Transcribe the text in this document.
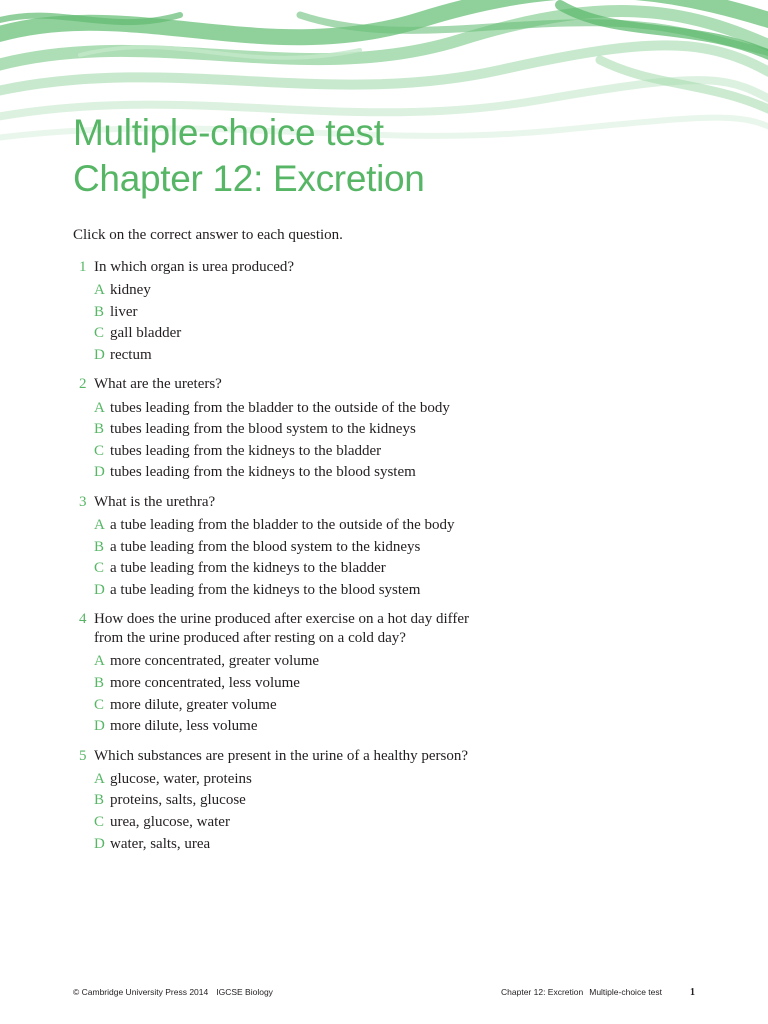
Multiple-choice test
Chapter 12: Excretion

Click on the correct answer to each question.

1 In which organ is urea produced?
A kidney
B liver
C gall bladder
D rectum
2 What are the ureters?
A tubes leading from the bladder to the outside of the body
B tubes leading from the blood system to the kidneys
C tubes leading from the kidneys to the bladder
D tubes leading from the kidneys to the blood system
3 What is the urethra?
A a tube leading from the bladder to the outside of the body
B a tube leading from the blood system to the kidneys
C a tube leading from the kidneys to the bladder
D a tube leading from the kidneys to the blood system
4 How does the urine produced after exercise on a hot day differ
from the urine produced after resting on a cold day?
A more concentrated, greater volume
B more concentrated, less volume
C more dilute, greater volume
D more dilute, less volume
5 Which substances are present in the urine of a healthy person?
A glucose, water, proteins
B proteins, salts, glucose
C urea, glucose, water
D water, salts, urea
© Cambridge University Press 2014 IGCSE Biology	Chapter 12: Excretion Multiple-choice test	1
